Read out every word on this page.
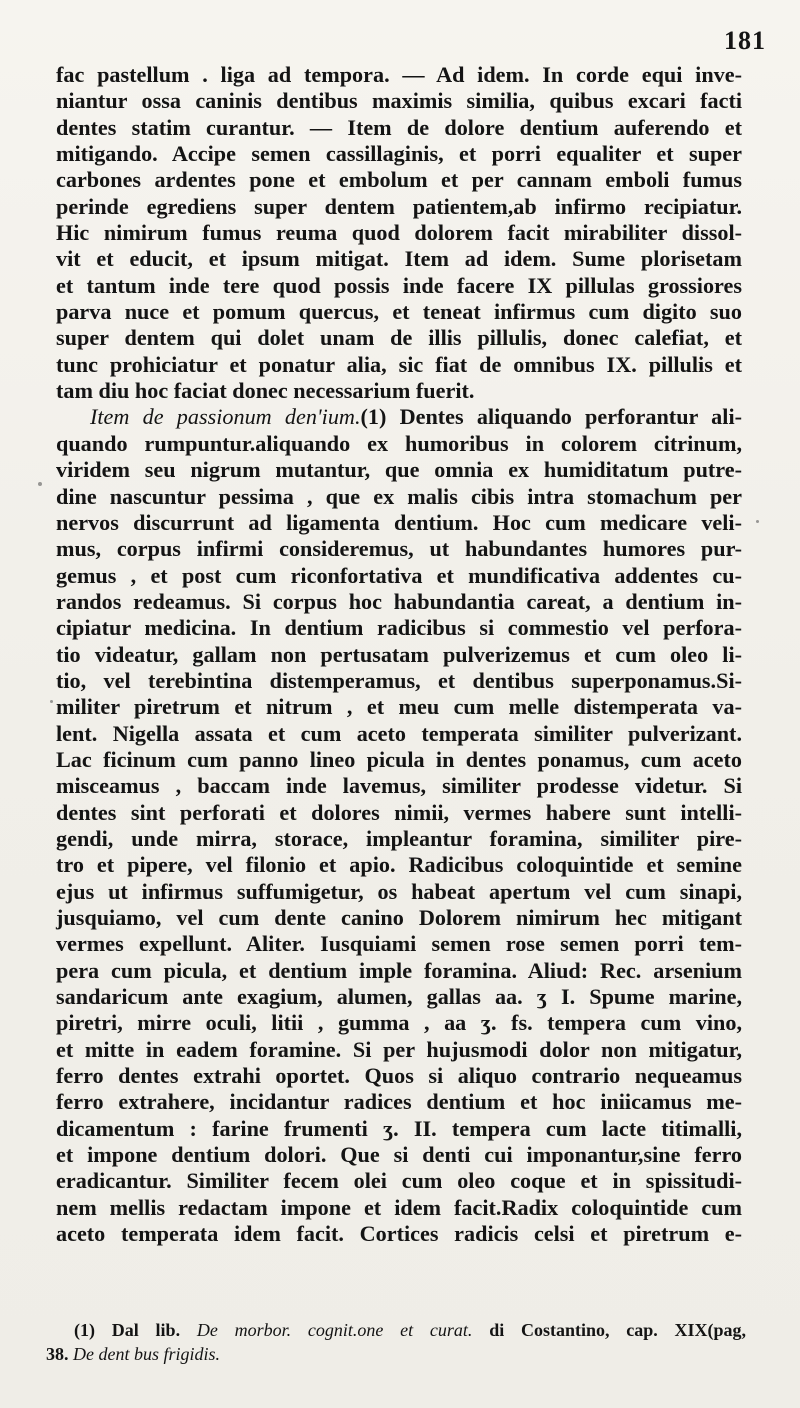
181
fac pastellum . liga ad tempora. — Ad idem. In corde equi inve-
niantur ossa caninis dentibus maximis similia, quibus excari facti
dentes statim curantur. — Item de dolore dentium auferendo et
mitigando. Accipe semen cassillaginis, et porri equaliter et super
carbones ardentes pone et embolum et per cannam emboli fumus
perinde egrediens super dentem patientem,ab infirmo recipiatur.
Hic nimirum fumus reuma quod dolorem facit mirabiliter dissol-
vit et educit, et ipsum mitigat. Item ad idem. Sume plorisetam
et tantum inde tere quod possis inde facere IX pillulas grossiores
parva nuce et pomum quercus, et teneat infirmus cum digito suo
super dentem qui dolet unam de illis pillulis, donec calefiat, et
tunc prohiciatur et ponatur alia, sic fiat de omnibus IX. pillulis et
tam diu hoc faciat donec necessarium fuerit.
Item de passionum den'ium.(1) Dentes aliquando perforantur ali-
quando rumpuntur.aliquando ex humoribus in colorem citrinum,
viridem seu nigrum mutantur, que omnia ex humiditatum putre-
dine nascuntur pessima , que ex malis cibis intra stomachum per
nervos discurrunt ad ligamenta dentium. Hoc cum medicare veli-
mus, corpus infirmi consideremus, ut habundantes humores pur-
gemus , et post cum riconfortativa et mundificativa addentes cu-
randos redeamus. Si corpus hoc habundantia careat, a dentium in-
cipiatur medicina. In dentium radicibus si commestio vel perfora-
tio videatur, gallam non pertusatam pulverizemus et cum oleo li-
tio, vel terebintina distemperamus, et dentibus superponamus.Si-
militer piretrum et nitrum , et meu cum melle distemperata va-
lent. Nigella assata et cum aceto temperata similiter pulverizant.
Lac ficinum cum panno lineo picula in dentes ponamus, cum aceto
misceamus , baccam inde lavemus, similiter prodesse videtur. Si
dentes sint perforati et dolores nimii, vermes habere sunt intelli-
gendi, unde mirra, storace, impleantur foramina, similiter pire-
tro et pipere, vel filonio et apio. Radicibus coloquintide et semine
ejus ut infirmus suffumigetur, os habeat apertum vel cum sinapi,
jusquiamo, vel cum dente canino Dolorem nimirum hec mitigant
vermes expellunt. Aliter. Iusquiami semen rose semen porri tem-
pera cum picula, et dentium imple foramina. Aliud: Rec. arsenium
sandaricum ante exagium, alumen, gallas aa. ʒ I. Spume marine,
piretri, mirre oculi, litii , gumma , aa ʒ. fs. tempera cum vino,
et mitte in eadem foramine. Si per hujusmodi dolor non mitigatur,
ferro dentes extrahi oportet. Quos si aliquo contrario nequeamus
ferro extrahere, incidantur radices dentium et hoc iniicamus me-
dicamentum : farine frumenti ʒ. II. tempera cum lacte titimalli,
et impone dentium dolori. Que si denti cui imponantur,sine ferro
eradicantur. Similiter fecem olei cum oleo coque et in spissitudi-
nem mellis redactam impone et idem facit.Radix coloquintide cum
aceto temperata idem facit. Cortices radicis celsi et piretrum e-
(1) Dal lib. De morbor. cognit.one et curat. di Costantino, cap. XIX(pag,
38. De dent bus frigidis.
